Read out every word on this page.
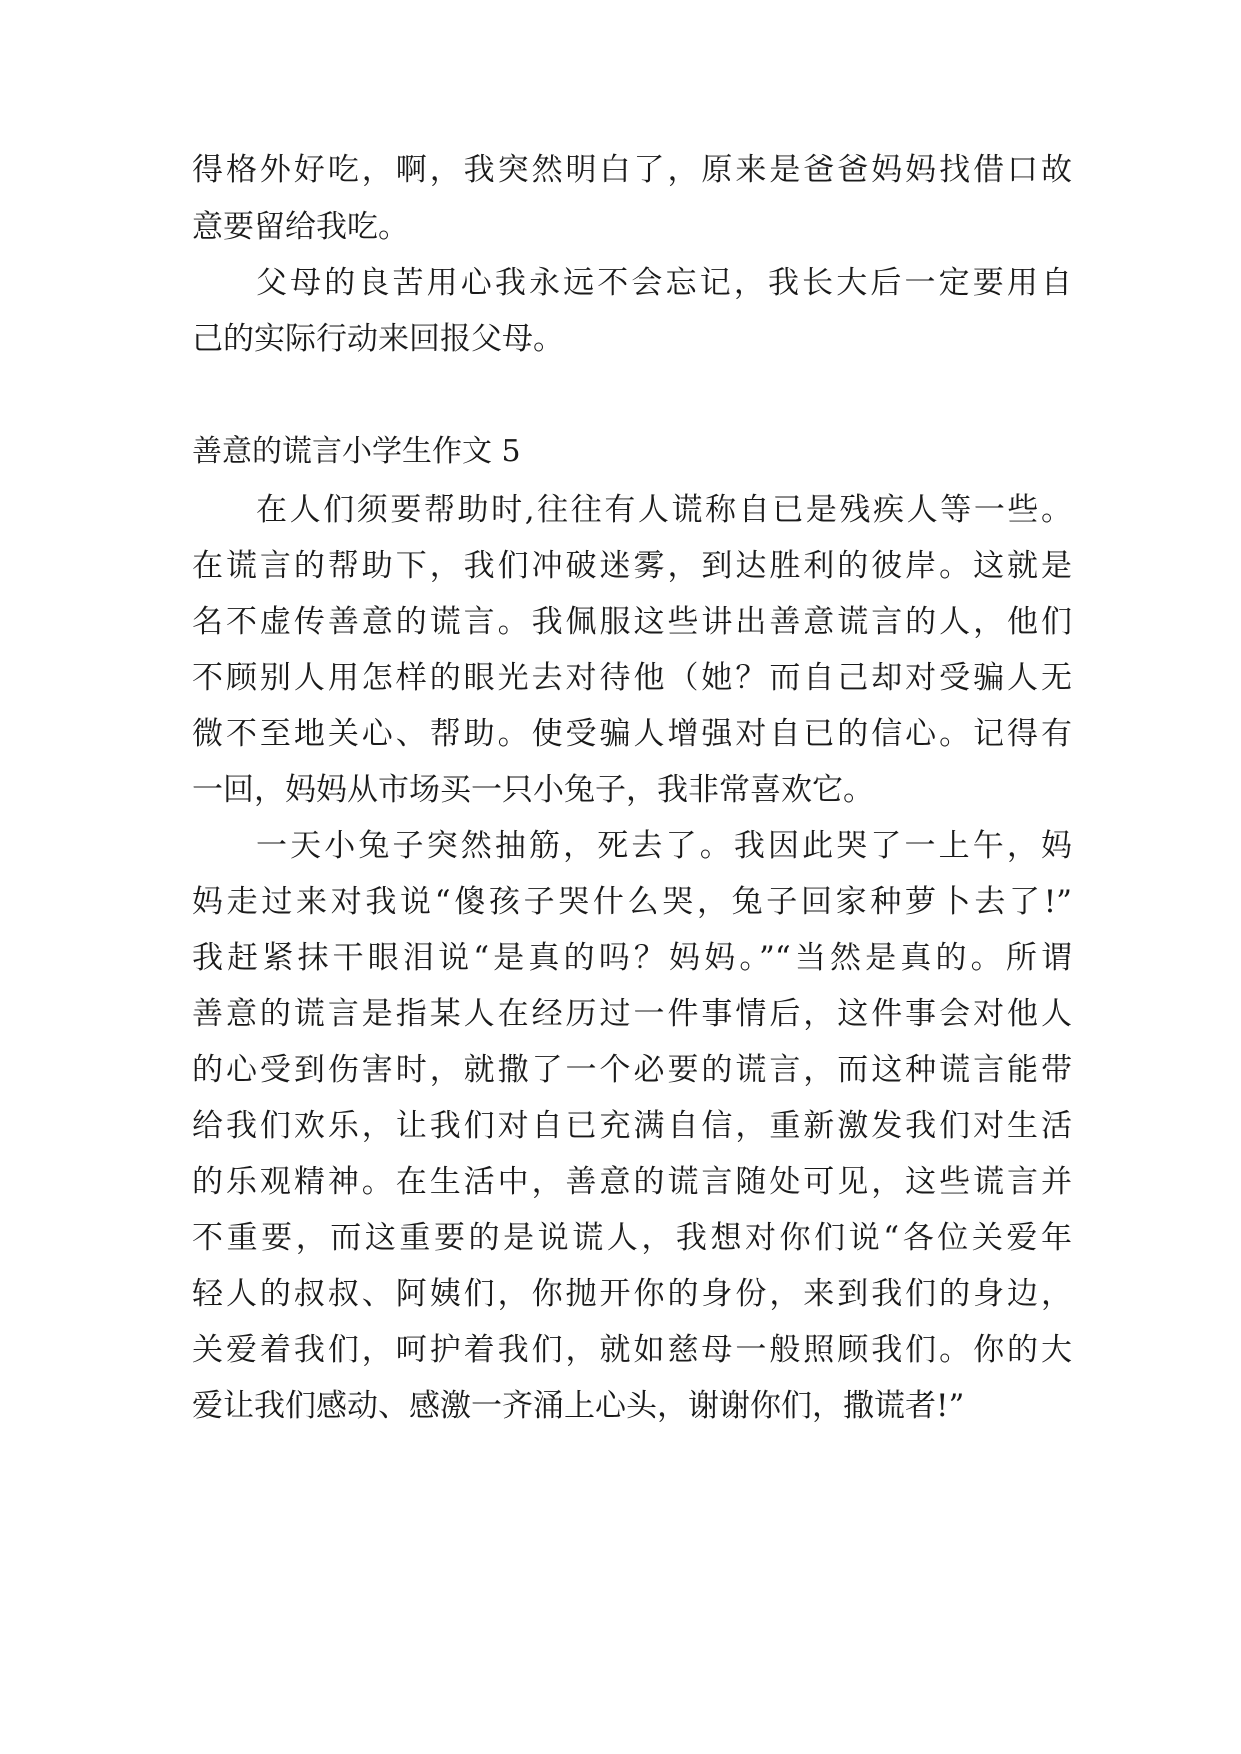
得格外好吃，啊，我突然明白了，原来是爸爸妈妈找借口故
意要留给我吃。
父母的良苦用心我永远不会忘记，我长大后一定要用自
己的实际行动来回报父母。
善意的谎言小学生作文 5
在人们须要帮助时,往往有人谎称自已是残疾人等一些。
在谎言的帮助下，我们冲破迷雾，到达胜利的彼岸。这就是
名不虚传善意的谎言。我佩服这些讲出善意谎言的人，他们
不顾别人用怎样的眼光去对待他（她？而自己却对受骗人无
微不至地关心、帮助。使受骗人增强对自已的信心。记得有
一回，妈妈从市场买一只小兔子，我非常喜欢它。
一天小兔子突然抽筋，死去了。我因此哭了一上午，妈
妈走过来对我说“傻孩子哭什么哭，兔子回家种萝卜去了!”
我赶紧抹干眼泪说“是真的吗？妈妈。”“当然是真的。所谓
善意的谎言是指某人在经历过一件事情后，这件事会对他人
的心受到伤害时，就撒了一个必要的谎言，而这种谎言能带
给我们欢乐，让我们对自已充满自信，重新激发我们对生活
的乐观精神。在生活中，善意的谎言随处可见，这些谎言并
不重要，而这重要的是说谎人，我想对你们说“各位关爱年
轻人的叔叔、阿姨们，你抛开你的身份，来到我们的身边，
关爱着我们，呵护着我们，就如慈母一般照顾我们。你的大
爱让我们感动、感激一齐涌上心头，谢谢你们，撒谎者!”
